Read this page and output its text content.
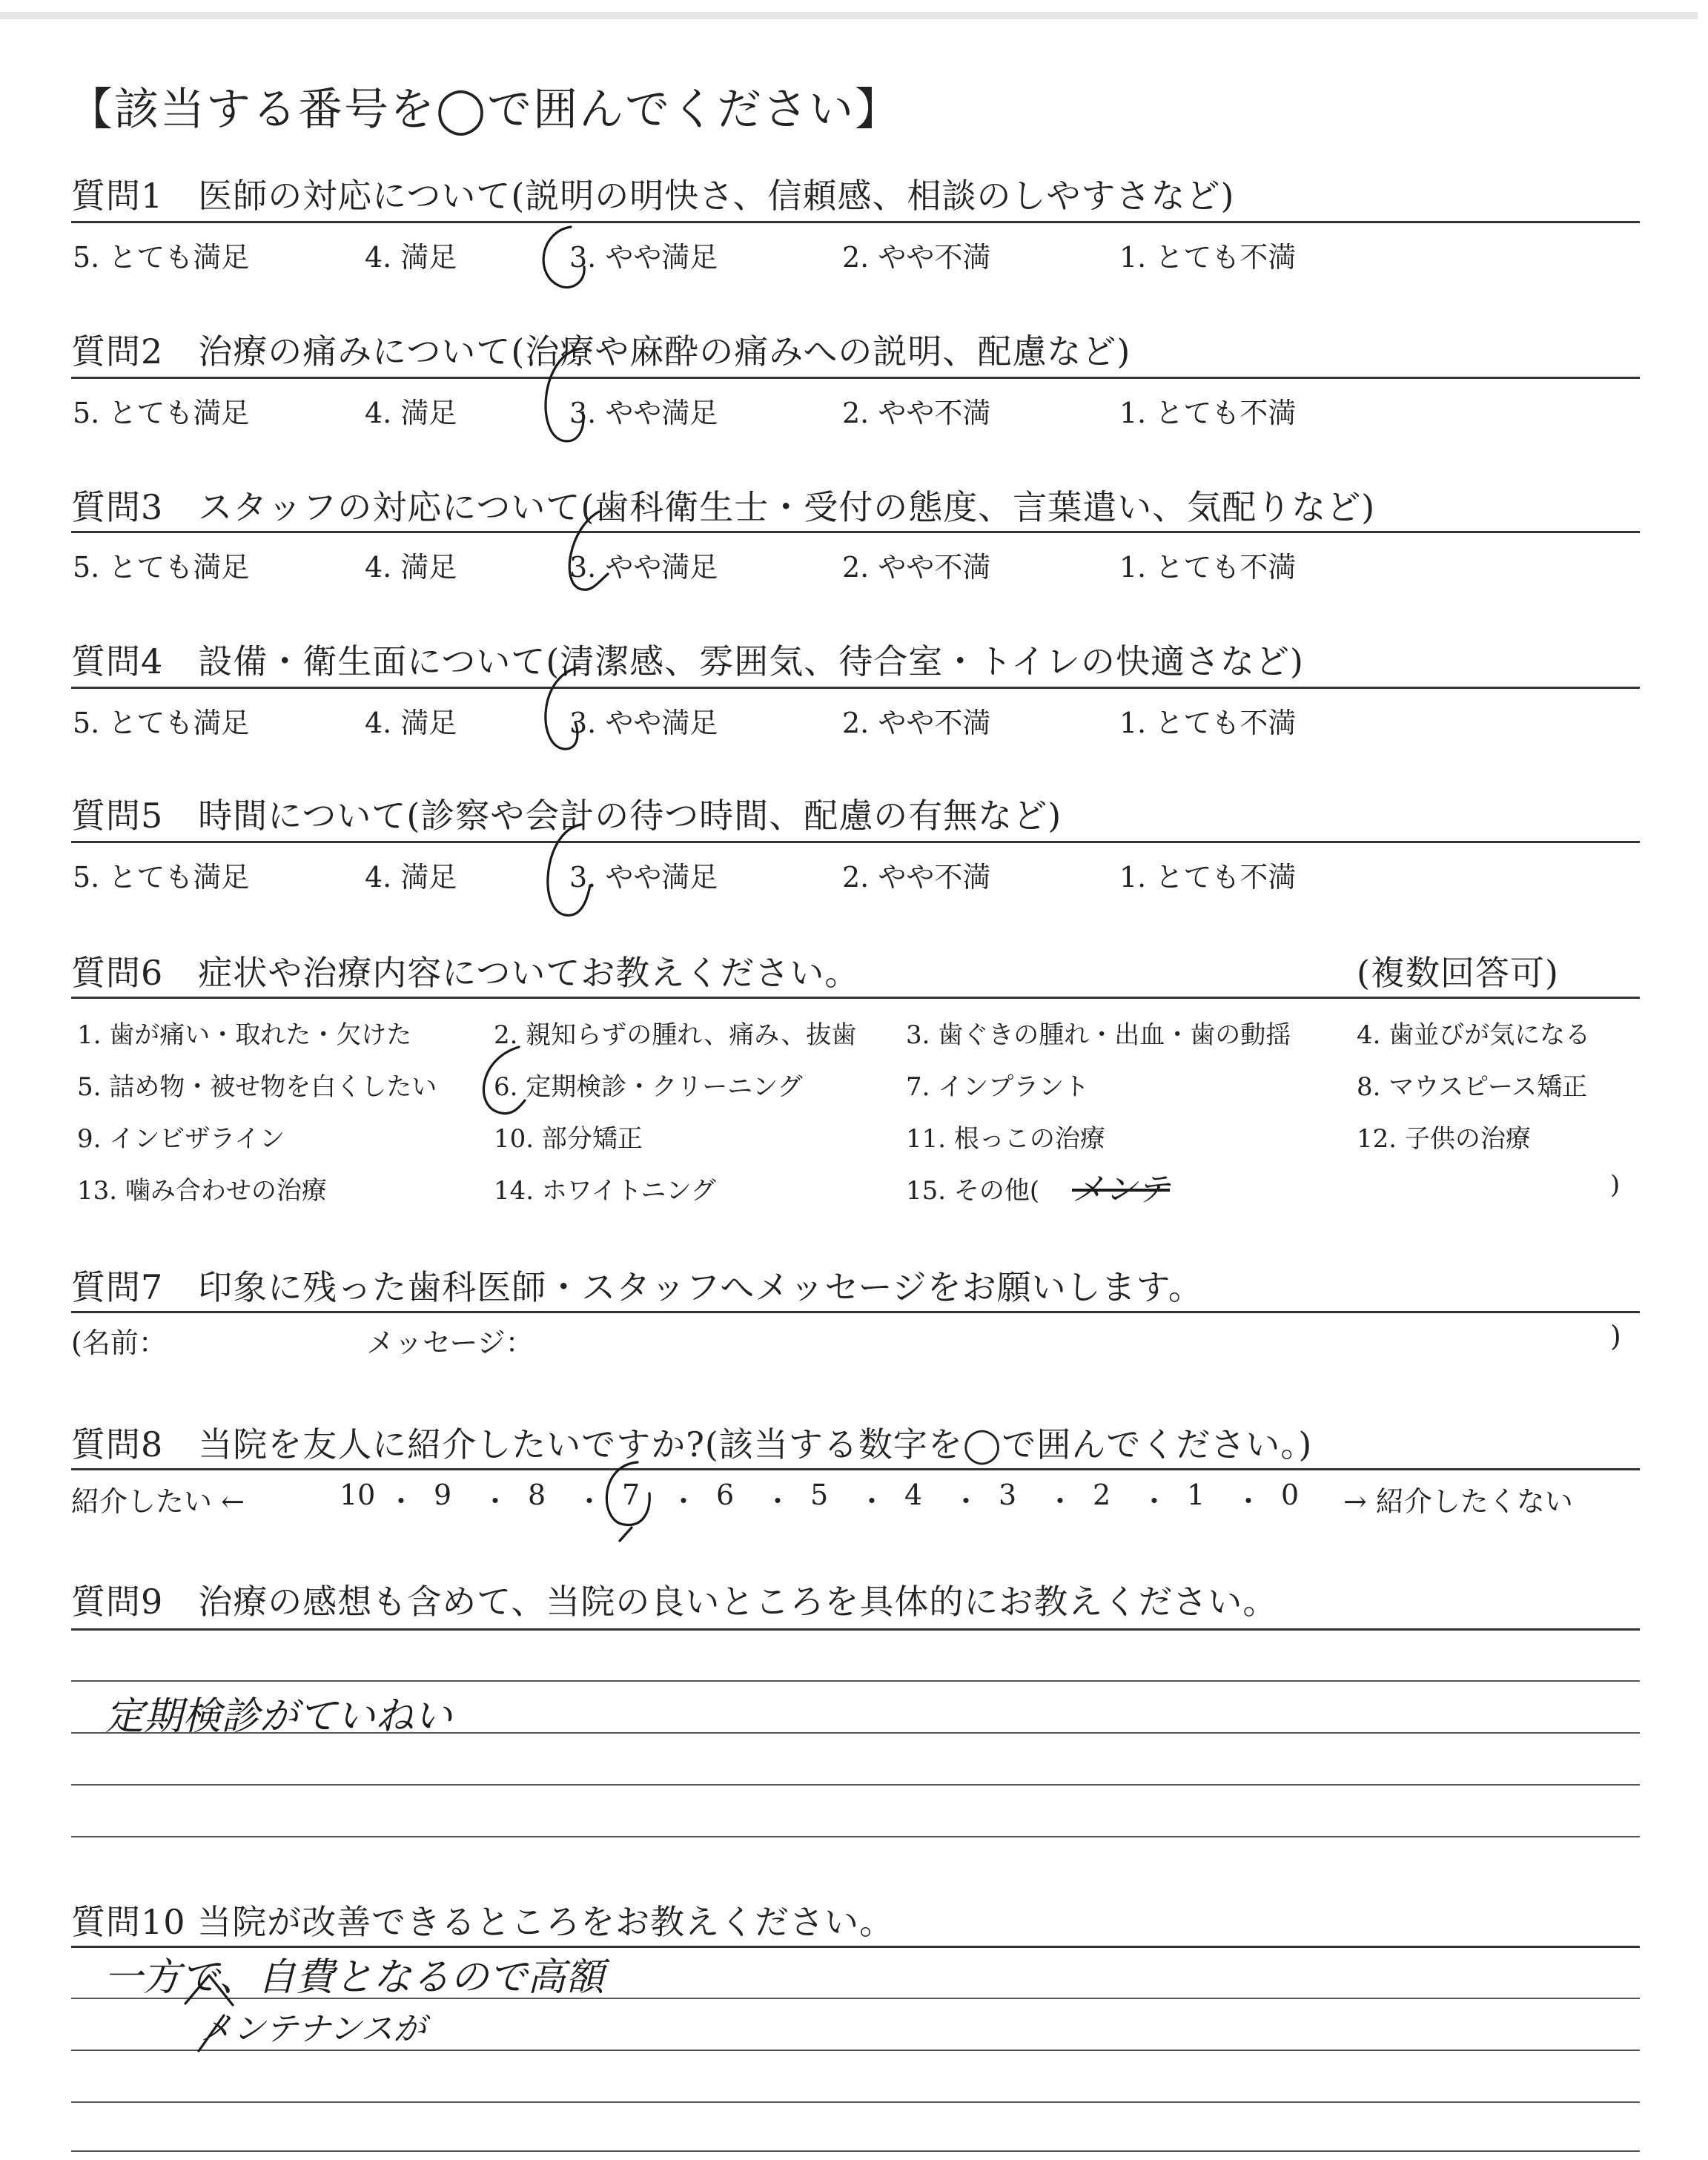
【該当する番号を◯で囲んでください】
質問1　医師の対応について(説明の明快さ、信頼感、相談のしやすさなど)
5. とても満足	4. 満足	3. やや満足	2. やや不満	1. とても不満
質問2　治療の痛みについて(治療や麻酔の痛みへの説明、配慮など)
5. とても満足	4. 満足	3. やや満足	2. やや不満	1. とても不満
質問3　スタッフの対応について(歯科衛生士・受付の態度、言葉遣い、気配りなど)
5. とても満足	4. 満足	3. やや満足	2. やや不満	1. とても不満
質問4　設備・衛生面について(清潔感、雰囲気、待合室・トイレの快適さなど)
5. とても満足	4. 満足	3. やや満足	2. やや不満	1. とても不満
質問5　時間について(診察や会計の待つ時間、配慮の有無など)
5. とても満足	4. 満足	3. やや満足	2. やや不満	1. とても不満
質問6　症状や治療内容についてお教えください。	(複数回答可)
1. 歯が痛い・取れた・欠けた	2. 親知らずの腫れ、痛み、抜歯 3. 歯ぐきの腫れ・出血・歯の動揺	4. 歯並びが気になる
5. 詰め物・被せ物を白くしたい 6. 定期検診・クリーニング	7. インプラント	8. マウスピース矯正
9. インビザライン	10. 部分矯正	11. 根っこの治療	12. 子供の治療
13. 噛み合わせの治療	14. ホワイトニング	15. その他(	)
メンテ
質問7　印象に残った歯科医師・スタッフへメッセージをお願いします。
(名前：	メッセージ：	)
質問8　当院を友人に紹介したいですか?(該当する数字を◯で囲んでください。)
紹介したい ←	→ 紹介したくない
10 ・ 9 ・ 8 ・ 7 ・ 6 ・ 5 ・ 4 ・ 3 ・ 2 ・ 1 ・ 0
質問9　治療の感想も含めて、当院の良いところを具体的にお教えください。
定期検診がていねい
質問10 当院が改善できるところをお教えください。
一方で、自費となるので高額
メンテナンスが
